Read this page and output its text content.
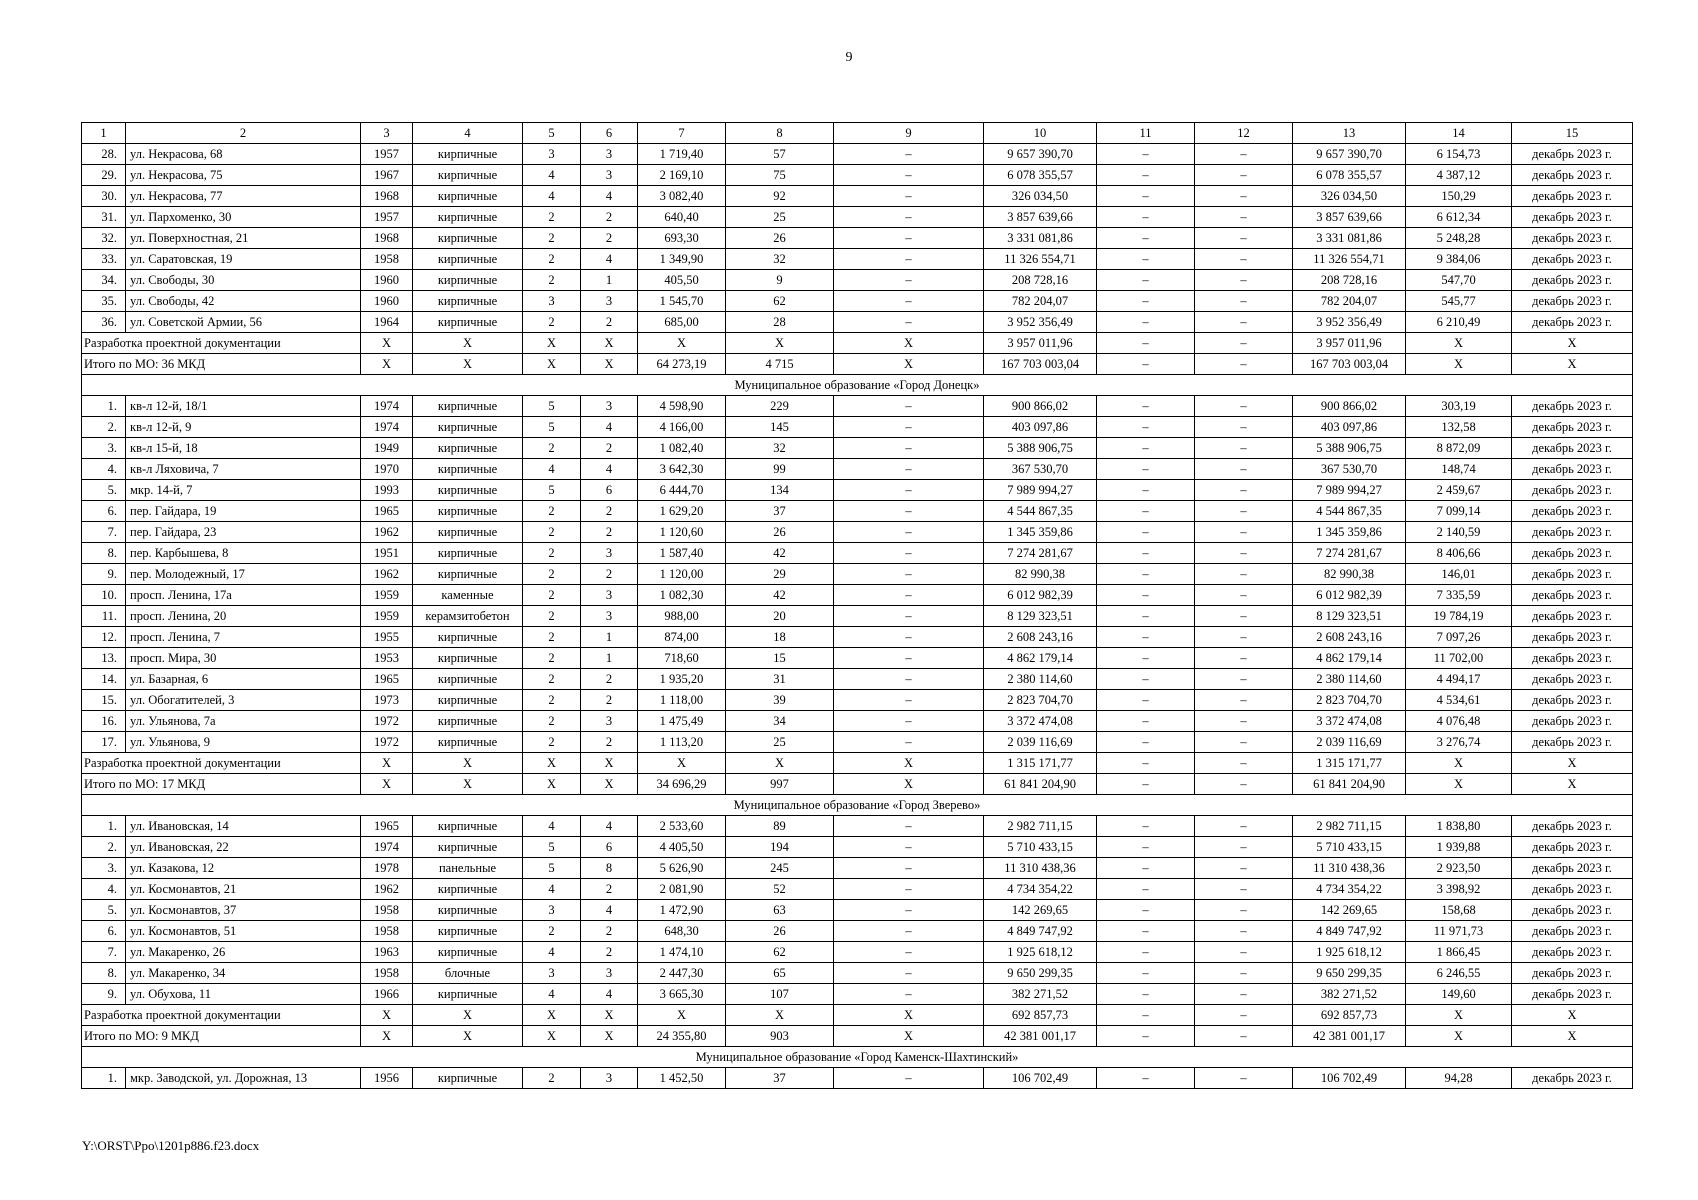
9
1	2	3	4	5	6	7	8	9	10	11	12	13	14	15
28.	ул. Некрасова, 68	1957	кирпичные	3	3	1 719,40	57	–	9 657 390,70	–	–	9 657 390,70	6 154,73	декабрь 2023 г.
29.	ул. Некрасова, 75	1967	кирпичные	4	3	2 169,10	75	–	6 078 355,57	–	–	6 078 355,57	4 387,12	декабрь 2023 г.
30.	ул. Некрасова, 77	1968	кирпичные	4	4	3 082,40	92	–	326 034,50	–	–	326 034,50	150,29	декабрь 2023 г.
31.	ул. Пархоменко, 30	1957	кирпичные	2	2	640,40	25	–	3 857 639,66	–	–	3 857 639,66	6 612,34	декабрь 2023 г.
32.	ул. Поверхностная, 21	1968	кирпичные	2	2	693,30	26	–	3 331 081,86	–	–	3 331 081,86	5 248,28	декабрь 2023 г.
33.	ул. Саратовская, 19	1958	кирпичные	2	4	1 349,90	32	–	11 326 554,71	–	–	11 326 554,71	9 384,06	декабрь 2023 г.
34.	ул. Свободы, 30	1960	кирпичные	2	1	405,50	9	–	208 728,16	–	–	208 728,16	547,70	декабрь 2023 г.
35.	ул. Свободы, 42	1960	кирпичные	3	3	1 545,70	62	–	782 204,07	–	–	782 204,07	545,77	декабрь 2023 г.
36.	ул. Советской Армии, 56	1964	кирпичные	2	2	685,00	28	–	3 952 356,49	–	–	3 952 356,49	6 210,49	декабрь 2023 г.
Разработка проектной документации		X	X	X	X	X	X	X	3 957 011,96	–	–	3 957 011,96	X	X
Итого по МО: 36 МКД		X	X	X	X	64 273,19	4 715	X	167 703 003,04	–	–	167 703 003,04	X	X
Муниципальное образование «Город Донецк»														
1.	кв-л 12-й, 18/1	1974	кирпичные	5	3	4 598,90	229	–	900 866,02	–	–	900 866,02	303,19	декабрь 2023 г.
2.	кв-л 12-й, 9	1974	кирпичные	5	4	4 166,00	145	–	403 097,86	–	–	403 097,86	132,58	декабрь 2023 г.
3.	кв-л 15-й, 18	1949	кирпичные	2	2	1 082,40	32	–	5 388 906,75	–	–	5 388 906,75	8 872,09	декабрь 2023 г.
4.	кв-л Ляховича, 7	1970	кирпичные	4	4	3 642,30	99	–	367 530,70	–	–	367 530,70	148,74	декабрь 2023 г.
5.	мкр. 14-й, 7	1993	кирпичные	5	6	6 444,70	134	–	7 989 994,27	–	–	7 989 994,27	2 459,67	декабрь 2023 г.
6.	пер. Гайдара, 19	1965	кирпичные	2	2	1 629,20	37	–	4 544 867,35	–	–	4 544 867,35	7 099,14	декабрь 2023 г.
7.	пер. Гайдара, 23	1962	кирпичные	2	2	1 120,60	26	–	1 345 359,86	–	–	1 345 359,86	2 140,59	декабрь 2023 г.
8.	пер. Карбышева, 8	1951	кирпичные	2	3	1 587,40	42	–	7 274 281,67	–	–	7 274 281,67	8 406,66	декабрь 2023 г.
9.	пер. Молодежный, 17	1962	кирпичные	2	2	1 120,00	29	–	82 990,38	–	–	82 990,38	146,01	декабрь 2023 г.
10.	просп. Ленина, 17а	1959	каменные	2	3	1 082,30	42	–	6 012 982,39	–	–	6 012 982,39	7 335,59	декабрь 2023 г.
11.	просп. Ленина, 20	1959	керамзитобетон	2	3	988,00	20	–	8 129 323,51	–	–	8 129 323,51	19 784,19	декабрь 2023 г.
12.	просп. Ленина, 7	1955	кирпичные	2	1	874,00	18	–	2 608 243,16	–	–	2 608 243,16	7 097,26	декабрь 2023 г.
13.	просп. Мира, 30	1953	кирпичные	2	1	718,60	15	–	4 862 179,14	–	–	4 862 179,14	11 702,00	декабрь 2023 г.
14.	ул. Базарная, 6	1965	кирпичные	2	2	1 935,20	31	–	2 380 114,60	–	–	2 380 114,60	4 494,17	декабрь 2023 г.
15.	ул. Обогатителей, 3	1973	кирпичные	2	2	1 118,00	39	–	2 823 704,70	–	–	2 823 704,70	4 534,61	декабрь 2023 г.
16.	ул. Ульянова, 7а	1972	кирпичные	2	3	1 475,49	34	–	3 372 474,08	–	–	3 372 474,08	4 076,48	декабрь 2023 г.
17.	ул. Ульянова, 9	1972	кирпичные	2	2	1 113,20	25	–	2 039 116,69	–	–	2 039 116,69	3 276,74	декабрь 2023 г.
Разработка проектной документации		X	X	X	X	X	X	X	1 315 171,77	–	–	1 315 171,77	X	X
Итого по МО: 17 МКД		X	X	X	X	34 696,29	997	X	61 841 204,90	–	–	61 841 204,90	X	X
Муниципальное образование «Город Зверево»														
1.	ул. Ивановская, 14	1965	кирпичные	4	4	2 533,60	89	–	2 982 711,15	–	–	2 982 711,15	1 838,80	декабрь 2023 г.
2.	ул. Ивановская, 22	1974	кирпичные	5	6	4 405,50	194	–	5 710 433,15	–	–	5 710 433,15	1 939,88	декабрь 2023 г.
3.	ул. Казакова, 12	1978	панельные	5	8	5 626,90	245	–	11 310 438,36	–	–	11 310 438,36	2 923,50	декабрь 2023 г.
4.	ул. Космонавтов, 21	1962	кирпичные	4	2	2 081,90	52	–	4 734 354,22	–	–	4 734 354,22	3 398,92	декабрь 2023 г.
5.	ул. Космонавтов, 37	1958	кирпичные	3	4	1 472,90	63	–	142 269,65	–	–	142 269,65	158,68	декабрь 2023 г.
6.	ул. Космонавтов, 51	1958	кирпичные	2	2	648,30	26	–	4 849 747,92	–	–	4 849 747,92	11 971,73	декабрь 2023 г.
7.	ул. Макаренко, 26	1963	кирпичные	4	2	1 474,10	62	–	1 925 618,12	–	–	1 925 618,12	1 866,45	декабрь 2023 г.
8.	ул. Макаренко, 34	1958	блочные	3	3	2 447,30	65	–	9 650 299,35	–	–	9 650 299,35	6 246,55	декабрь 2023 г.
9.	ул. Обухова, 11	1966	кирпичные	4	4	3 665,30	107	–	382 271,52	–	–	382 271,52	149,60	декабрь 2023 г.
Разработка проектной документации		X	X	X	X	X	X	X	692 857,73	–	–	692 857,73	X	X
Итого по МО: 9 МКД		X	X	X	X	24 355,80	903	X	42 381 001,17	–	–	42 381 001,17	X	X
Муниципальное образование «Город Каменск-Шахтинский»														
1.	мкр. Заводской, ул. Дорожная, 13	1956	кирпичные	2	3	1 452,50	37	–	106 702,49	–	–	106 702,49	94,28	декабрь 2023 г.
Y:\ORST\Ppo\1201p886.f23.docx
